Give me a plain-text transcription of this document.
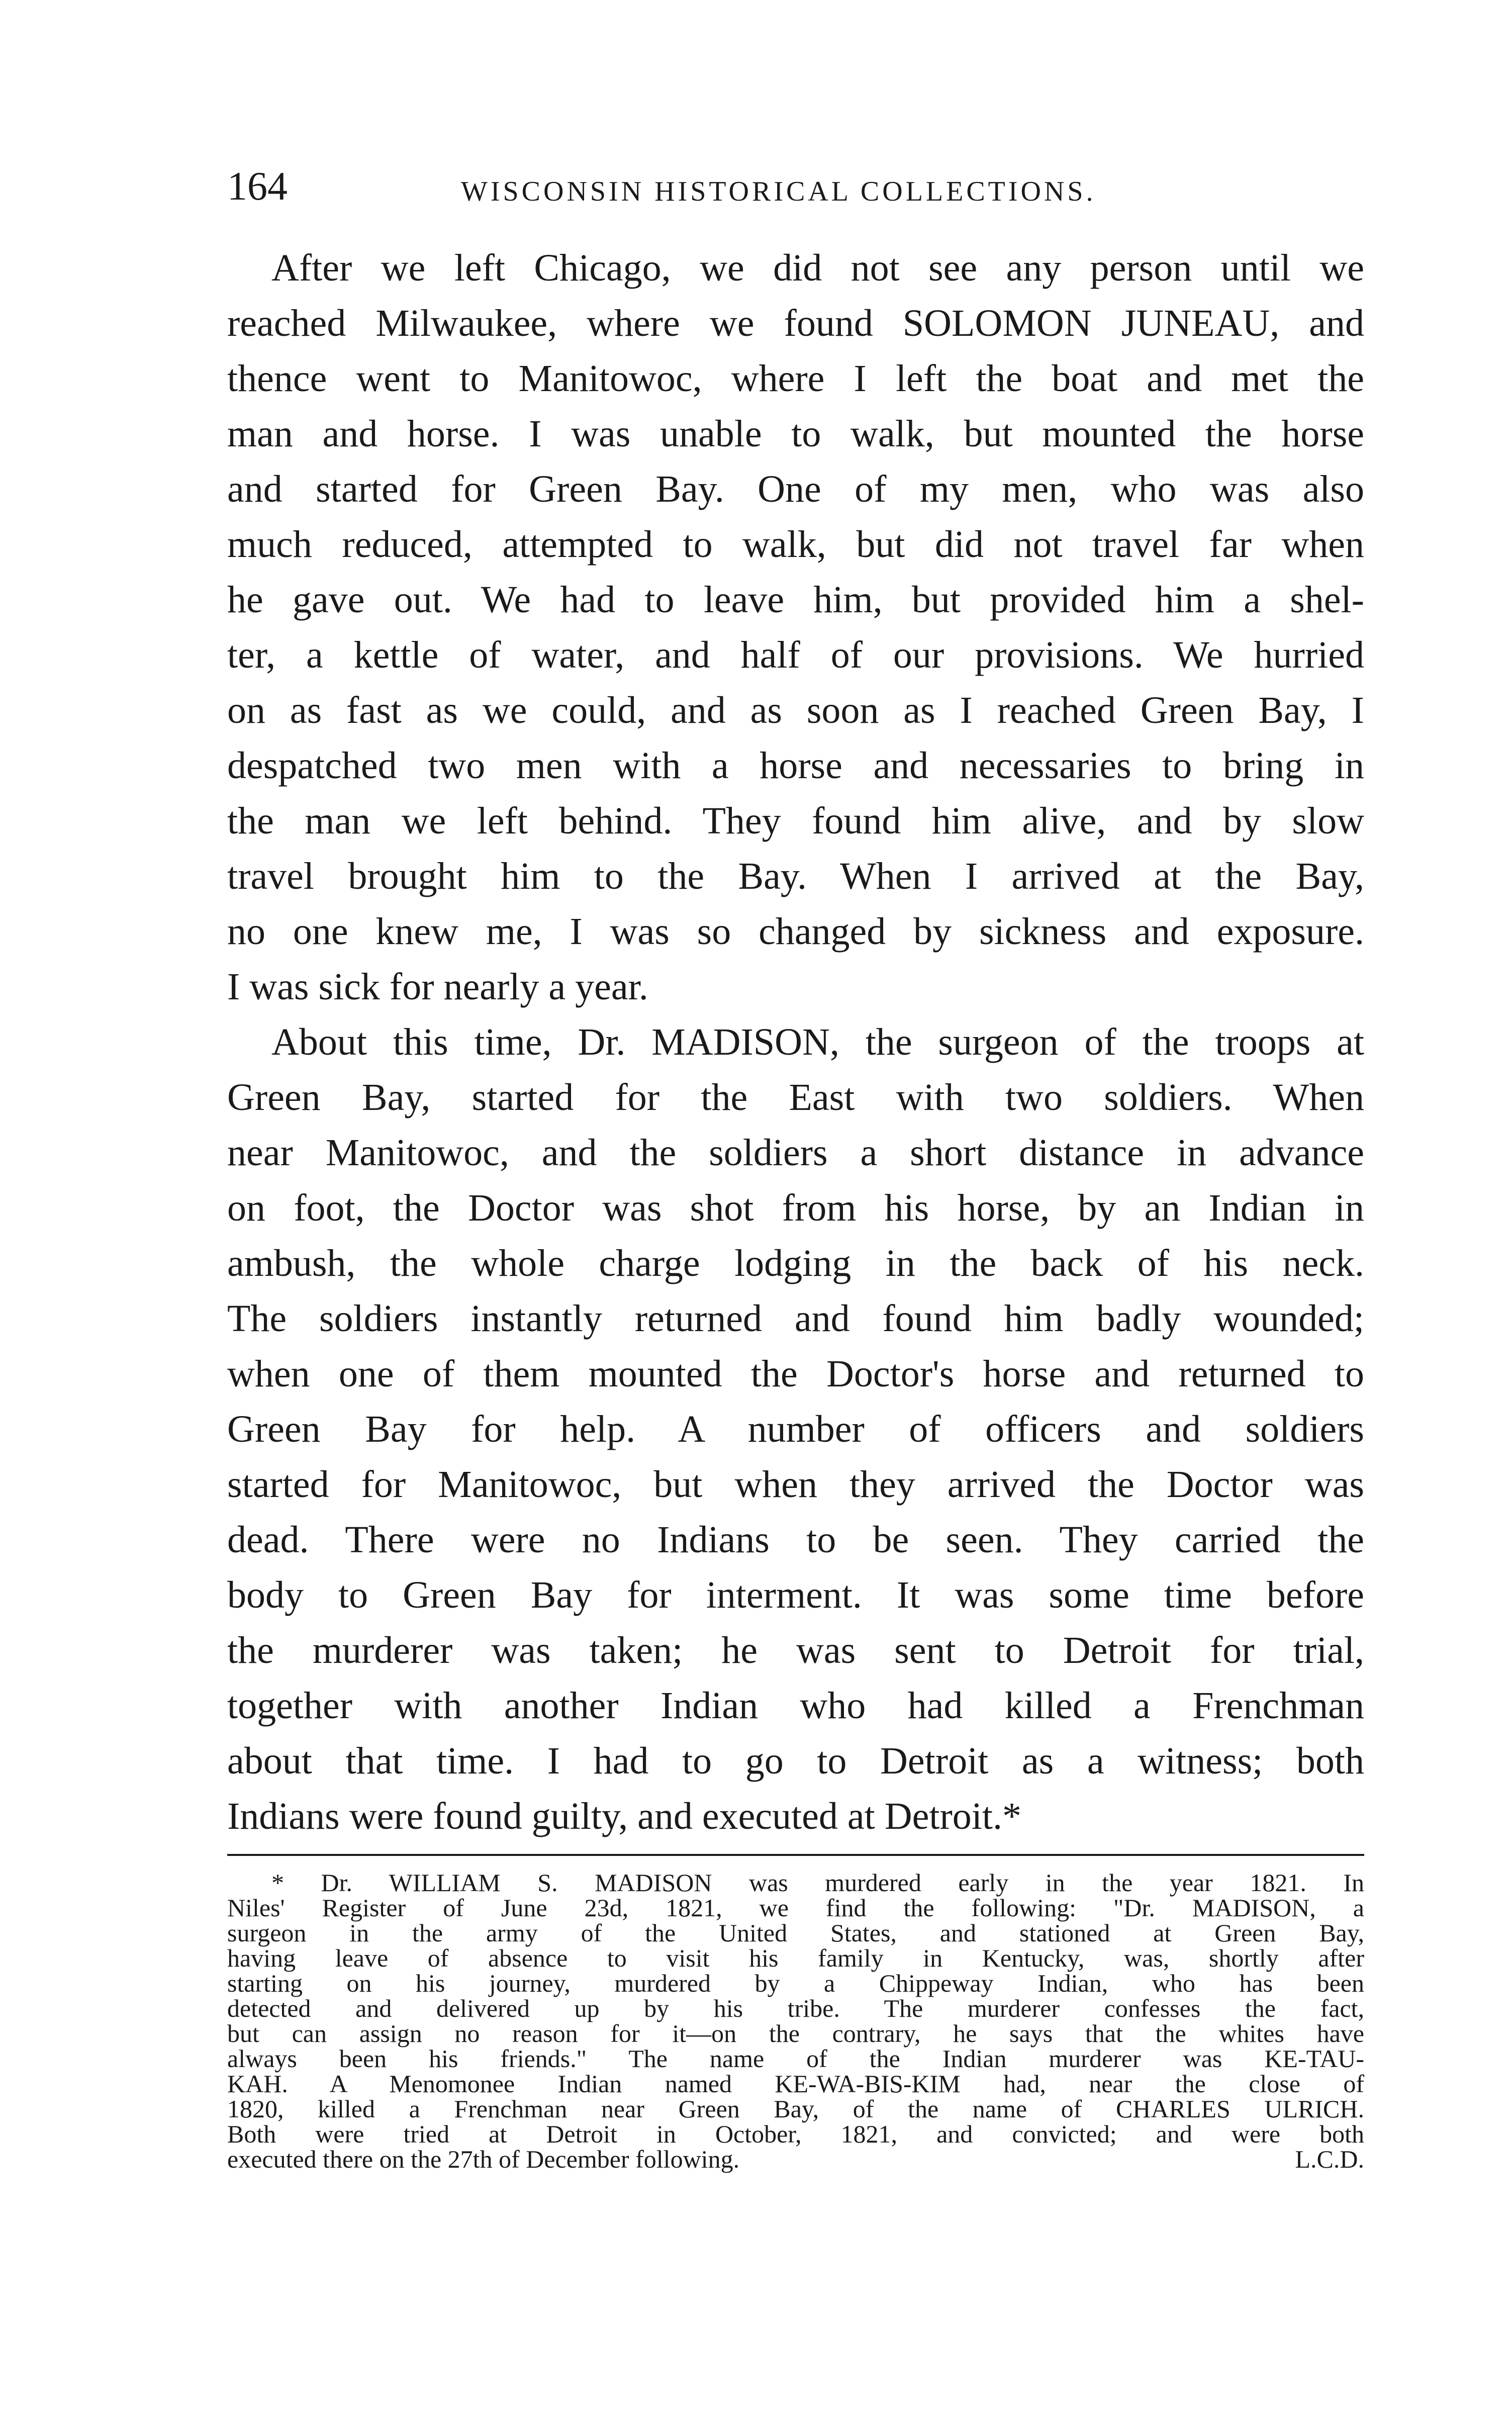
164	WISCONSIN HISTORICAL COLLECTIONS.
After we left Chicago, we did not see any person until we
reached Milwaukee, where we found SOLOMON JUNEAU, and
thence went to Manitowoc, where I left the boat and met the
man and horse. I was unable to walk, but mounted the horse
and started for Green Bay. One of my men, who was also
much reduced, attempted to walk, but did not travel far when
he gave out. We had to leave him, but provided him a shel-
ter, a kettle of water, and half of our provisions. We hurried
on as fast as we could, and as soon as I reached Green Bay, I
despatched two men with a horse and necessaries to bring in
the man we left behind. They found him alive, and by slow
travel brought him to the Bay. When I arrived at the Bay,
no one knew me, I was so changed by sickness and exposure.
I was sick for nearly a year.
About this time, Dr. MADISON, the surgeon of the troops at
Green Bay, started for the East with two soldiers. When
near Manitowoc, and the soldiers a short distance in advance
on foot, the Doctor was shot from his horse, by an Indian in
ambush, the whole charge lodging in the back of his neck.
The soldiers instantly returned and found him badly wounded;
when one of them mounted the Doctor's horse and returned to
Green Bay for help. A number of officers and soldiers
started for Manitowoc, but when they arrived the Doctor was
dead. There were no Indians to be seen. They carried the
body to Green Bay for interment. It was some time before
the murderer was taken; he was sent to Detroit for trial,
together with another Indian who had killed a Frenchman
about that time. I had to go to Detroit as a witness; both
Indians were found guilty, and executed at Detroit.*
* Dr. WILLIAM S. MADISON was murdered early in the year 1821. In
Niles' Register of June 23d, 1821, we find the following: "Dr. MADISON, a
surgeon in the army of the United States, and stationed at Green Bay,
having leave of absence to visit his family in Kentucky, was, shortly after
starting on his journey, murdered by a Chippeway Indian, who has been
detected and delivered up by his tribe. The murderer confesses the fact,
but can assign no reason for it—on the contrary, he says that the whites have
always been his friends." The name of the Indian murderer was KE-TAU-
KAH. A Menomonee Indian named KE-WA-BIS-KIM had, near the close of
1820, killed a Frenchman near Green Bay, of the name of CHARLES ULRICH.
Both were tried at Detroit in October, 1821, and convicted; and were both
executed there on the 27th of December following.	L.C.D.
